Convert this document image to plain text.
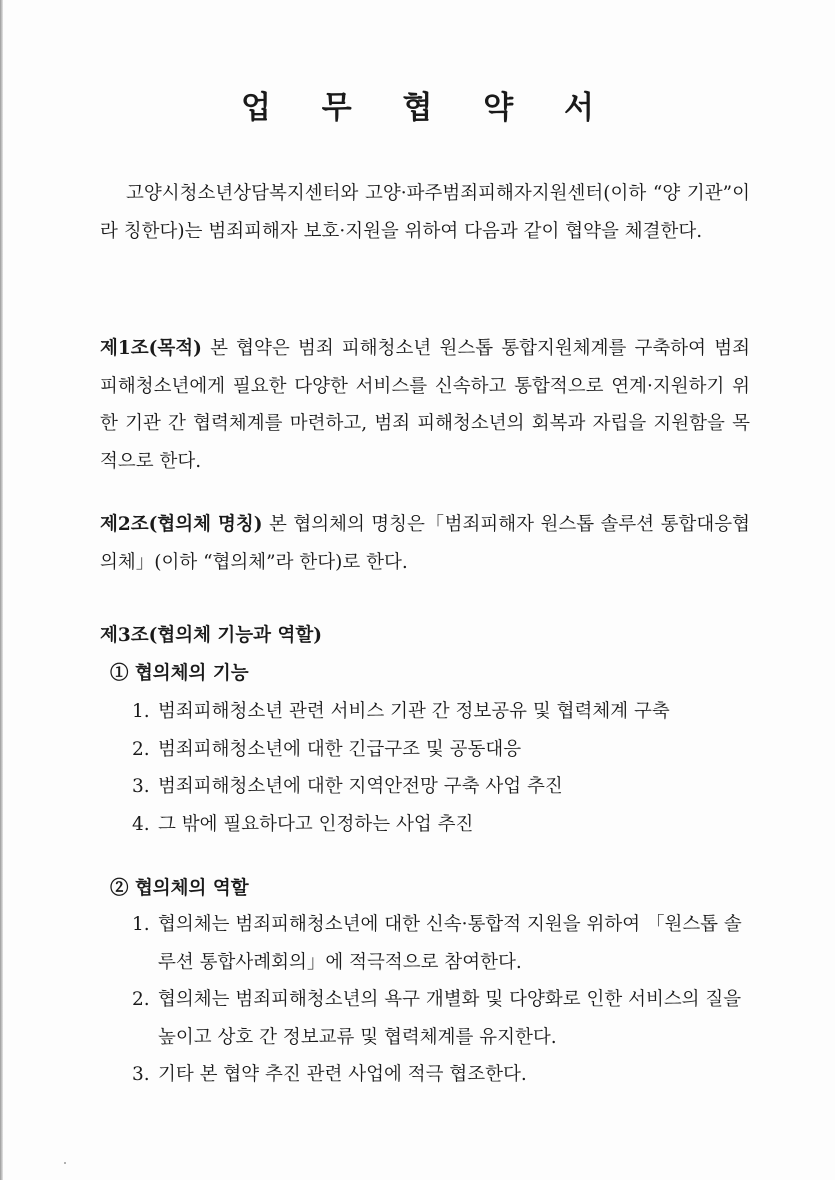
업 무 협 약 서
고양시청소년상담복지센터와 고양·파주범죄피해자지원센터(이하 “양 기관”이라 칭한다)는 범죄피해자 보호·지원을 위하여 다음과 같이 협약을 체결한다.
제1조(목적) 본 협약은 범죄 피해청소년 원스톱 통합지원체계를 구축하여 범죄 피해청소년에게 필요한 다양한 서비스를 신속하고 통합적으로 연계·지원하기 위한 기관 간 협력체계를 마련하고, 범죄 피해청소년의 회복과 자립을 지원함을 목적으로 한다.
제2조(협의체 명칭) 본 협의체의 명칭은「범죄피해자 원스톱 솔루션 통합대응협의체」(이하 “협의체”라 한다)로 한다.
제3조(협의체 기능과 역할)
① 협의체의 기능
1. 범죄피해청소년 관련 서비스 기관 간 정보공유 및 협력체계 구축
2. 범죄피해청소년에 대한 긴급구조 및 공동대응
3. 범죄피해청소년에 대한 지역안전망 구축 사업 추진
4. 그 밖에 필요하다고 인정하는 사업 추진
② 협의체의 역할
1. 협의체는 범죄피해청소년에 대한 신속·통합적 지원을 위하여 「원스톱 솔루션 통합사례회의」에 적극적으로 참여한다.
2. 협의체는 범죄피해청소년의 욕구 개별화 및 다양화로 인한 서비스의 질을 높이고 상호 간 정보교류 및 협력체계를 유지한다.
3. 기타 본 협약 추진 관련 사업에 적극 협조한다.
